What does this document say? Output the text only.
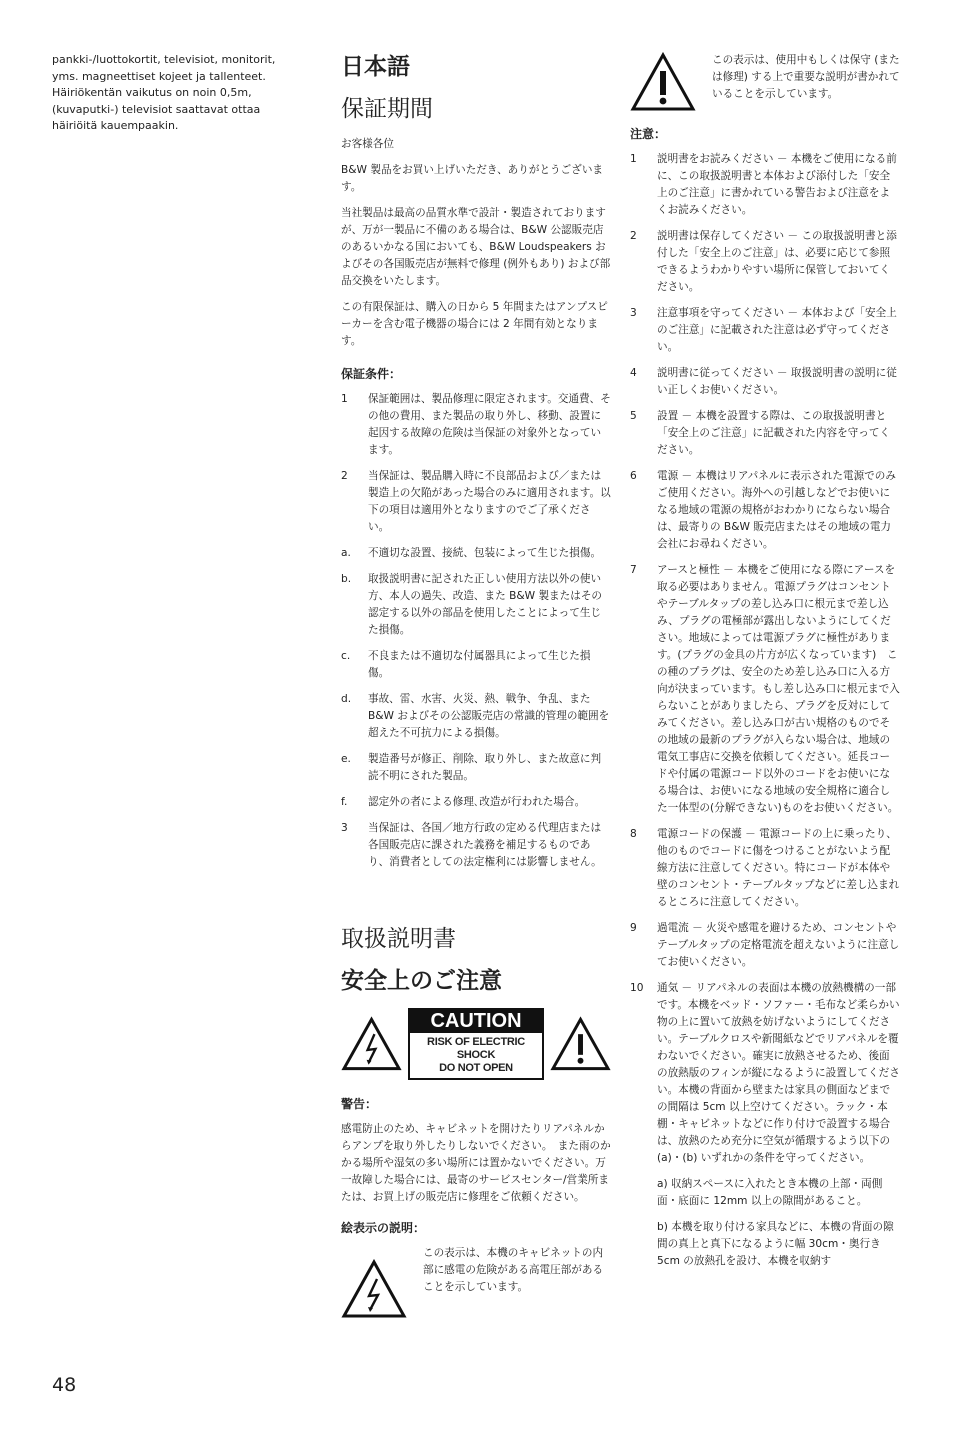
pankki-/luottokortit, televisiot, monitorit,
yms. magneettiset kojeet ja tallenteet.
Häiriökentän vaikutus on noin 0,5m,
(kuvaputki-) televisiot saattavat ottaa
häiriöitä kauempaakin.
日本語
保証期間

お客様各位

B&W 製品をお買い上げいただき、ありがとうございます。

当社製品は最高の品質水準で設計・製造されておりますが、万が一製品に不備のある場合は、B&W 公認販売店のあるいかなる国においても、B&W Loudspeakers およびその各国販売店が無料で修理 (例外もあり) および部品交換をいたします。

この有限保証は、購入の日から 5 年間またはアンプスピーカーを含む電子機器の場合には 2 年間有効となります。

保証条件：
1	保証範囲は、製品修理に限定されます。交通費、その他の費用、また製品の取り外し、移動、設置に起因する故障の危険は当保証の対象外となっています。
2	当保証は、製品購入時に不良部品および／または製造上の欠陥があった場合のみに適用されます。以下の項目は適用外となりますのでご了承ください。
a.	不適切な設置、接続、包装によって生じた損傷。
b.	取扱説明書に記された正しい使用方法以外の使い方、本人の過失、改造、また B&W 製またはその認定する以外の部品を使用したことによって生じた損傷。
c.	不良または不適切な付属器具によって生じた損傷。
d.	事故、雷、水害、火災、熱、戦争、争乱、また B&W およびその公認販売店の常識的管理の範囲を超えた不可抗力による損傷。
e.	製造番号が修正、削除、取り外し、また故意に判読不明にされた製品。
f.	認定外の者による修理､改造が行われた場合。
3	当保証は、各国／地方行政の定める代理店または各国販売店に課された義務を補足するものであり、消費者としての法定権利には影響しません。
取扱説明書
安全上のご注意
CAUTION
RISK OF ELECTRIC SHOCK
DO NOT OPEN
警告：

感電防止のため、キャビネットを開けたりリアパネルからアンプを取り外したりしないでください。　また雨のかかる場所や湿気の多い場所には置かないでください。万一故障した場合には、最寄のサービスセンター/営業所または、お買上げの販売店に修理をご依頼ください。

絵表示の説明：
この表示は、本機のキャビネットの内部に感電の危険がある高電圧部があることを示しています。
この表示は、使用中もしくは保守 (または修理) する上で重要な説明が書かれていることを示しています。
注意：
1	説明書をお読みください － 本機をご使用になる前に、この取扱説明書と本体および添付した「安全上のご注意」に書かれている警告および注意をよくお読みください。
2	説明書は保存してください － この取扱説明書と添付した「安全上のご注意」は、必要に応じて参照できるようわかりやすい場所に保管しておいてください。
3	注意事項を守ってください － 本体および「安全上のご注意」に記載された注意は必ず守ってください。
4	説明書に従ってください － 取扱説明書の説明に従い正しくお使いください。
5	設置 － 本機を設置する際は、この取扱説明書と「安全上のご注意」に記載された内容を守ってください。
6	電源 － 本機はリアパネルに表示された電源でのみご使用ください。海外への引越しなどでお使いになる地域の電源の規格がおわかりにならない場合は、最寄りの B&W 販売店またはその地域の電力会社にお尋ねください。
7	アースと極性 － 本機をご使用になる際にアースを取る必要はありません。電源プラグはコンセントやテーブルタップの差し込み口に根元まで差し込み、プラグの電極部が露出しないようにしてください。地域によっては電源プラグに極性があります。(プラグの金具の片方が広くなっています)　この種のプラグは、安全のため差し込み口に入る方向が決まっています。もし差し込み口に根元まで入らないことがありましたら、プラグを反対にしてみてください。差し込み口が古い規格のものでその地域の最新のプラグが入らない場合は、地域の電気工事店に交換を依頼してください。延長コードや付属の電源コード以外のコードをお使いになる場合は、お使いになる地域の安全規格に適合した一体型の(分解できない)ものをお使いください。
8	電源コードの保護 － 電源コードの上に乗ったり、他のものでコードに傷をつけることがないよう配線方法に注意してください。特にコードが本体や壁のコンセント・テーブルタップなどに差し込まれるところに注意してください。
9	過電流 － 火災や感電を避けるため、コンセントやテーブルタップの定格電流を超えないように注意してお使いください。
10	通気 － リアパネルの表面は本機の放熱機構の一部です。本機をベッド・ソファー・毛布など柔らかい物の上に置いて放熱を妨げないようにしてください。テーブルクロスや新聞紙などでリアパネルを覆わないでください。確実に放熱させるため、後面の放熱版のフィンが縦になるように設置してください。本機の背面から壁または家具の側面などまでの間隔は 5cm 以上空けてください。ラック・本棚・キャビネットなどに作り付けで設置する場合は、放熱のため充分に空気が循環するよう以下の (a)・(b) いずれかの条件を守ってください。

a) 収納スペースに入れたとき本機の上部・両側面・底面に 12mm 以上の隙間があること。

b) 本機を取り付ける家具などに、本機の背面の隙間の真上と真下になるように幅 30cm・奥行き 5cm の放熱孔を設け、本機を収納す

48
